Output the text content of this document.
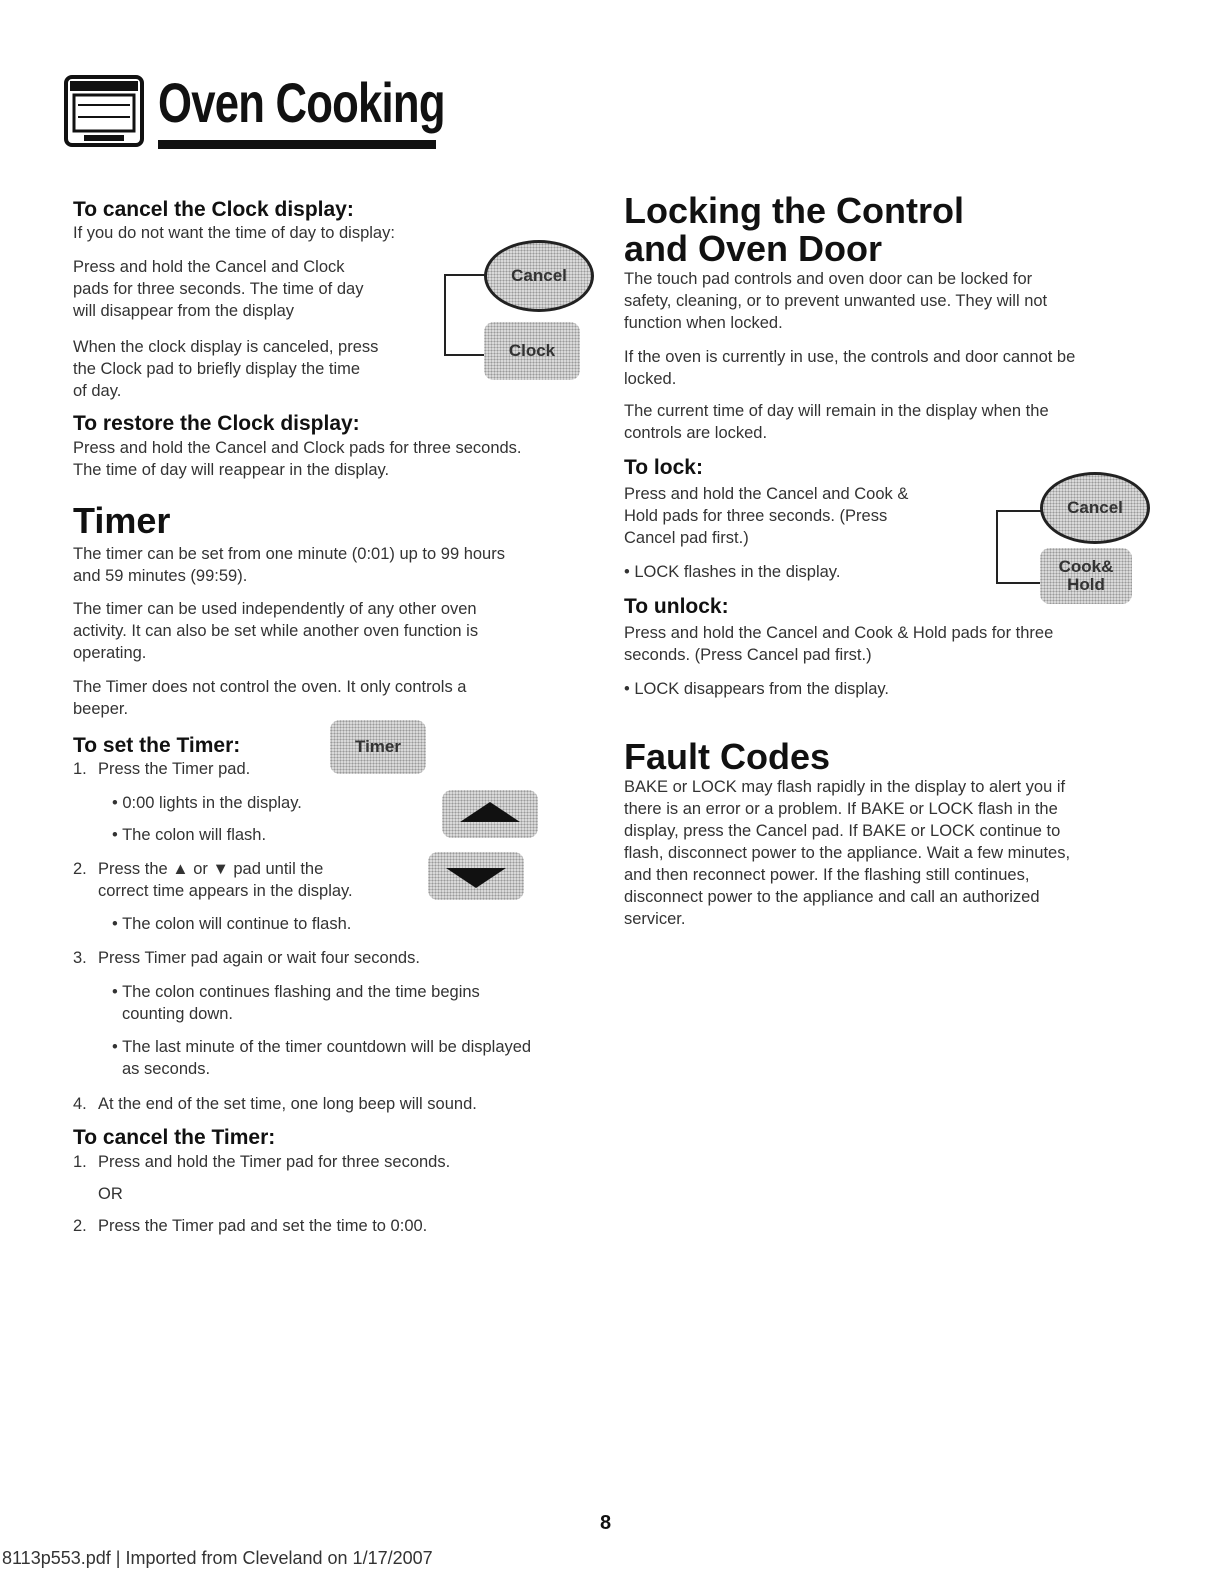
Oven Cooking
To cancel the Clock display:
If you do not want the time of day to display:
Press and hold the Cancel and Clock
pads for three seconds. The time of day
will disappear from the display
When the clock display is canceled, press
the Clock pad to briefly display the time
of day.
Cancel
Clock
To restore the Clock display:
Press and hold the Cancel and Clock pads for three seconds.
The time of day will reappear in the display.
Timer
The timer can be set from one minute (0:01) up to 99 hours
and 59 minutes (99:59).
The timer can be used independently of any other oven
activity. It can also be set while another oven function is
operating.
The Timer does not control the oven. It only controls a
beeper.
To set the Timer:	Timer
1. Press the Timer pad.
• 0:00 lights in the display.
• The colon will flash.
2. Press the ▲ or ▼ pad until the
correct time appears in the display.
• The colon will continue to flash.
3. Press Timer pad again or wait four seconds.
• The colon continues flashing and the time begins
counting down.
• The last minute of the timer countdown will be displayed
as seconds.
4. At the end of the set time, one long beep will sound.
To cancel the Timer:
1. Press and hold the Timer pad for three seconds.
OR
2. Press the Timer pad and set the time to 0:00.
Locking the Control
and Oven Door
The touch pad controls and oven door can be locked for
safety, cleaning, or to prevent unwanted use. They will not
function when locked.
If the oven is currently in use, the controls and door cannot be
locked.
The current time of day will remain in the display when the
controls are locked.
To lock:
Press and hold the Cancel and Cook &
Hold pads for three seconds. (Press
Cancel pad first.)
• LOCK flashes in the display.
Cancel
Cook&
Hold
To unlock:
Press and hold the Cancel and Cook & Hold pads for three
seconds. (Press Cancel pad first.)
• LOCK disappears from the display.
Fault Codes
BAKE or LOCK may flash rapidly in the display to alert you if
there is an error or a problem. If BAKE or LOCK flash in the
display, press the Cancel pad. If BAKE or LOCK continue to
flash, disconnect power to the appliance. Wait a few minutes,
and then reconnect power. If the flashing still continues,
disconnect power to the appliance and call an authorized
servicer.
8
8113p553.pdf | Imported from Cleveland on 1/17/2007
